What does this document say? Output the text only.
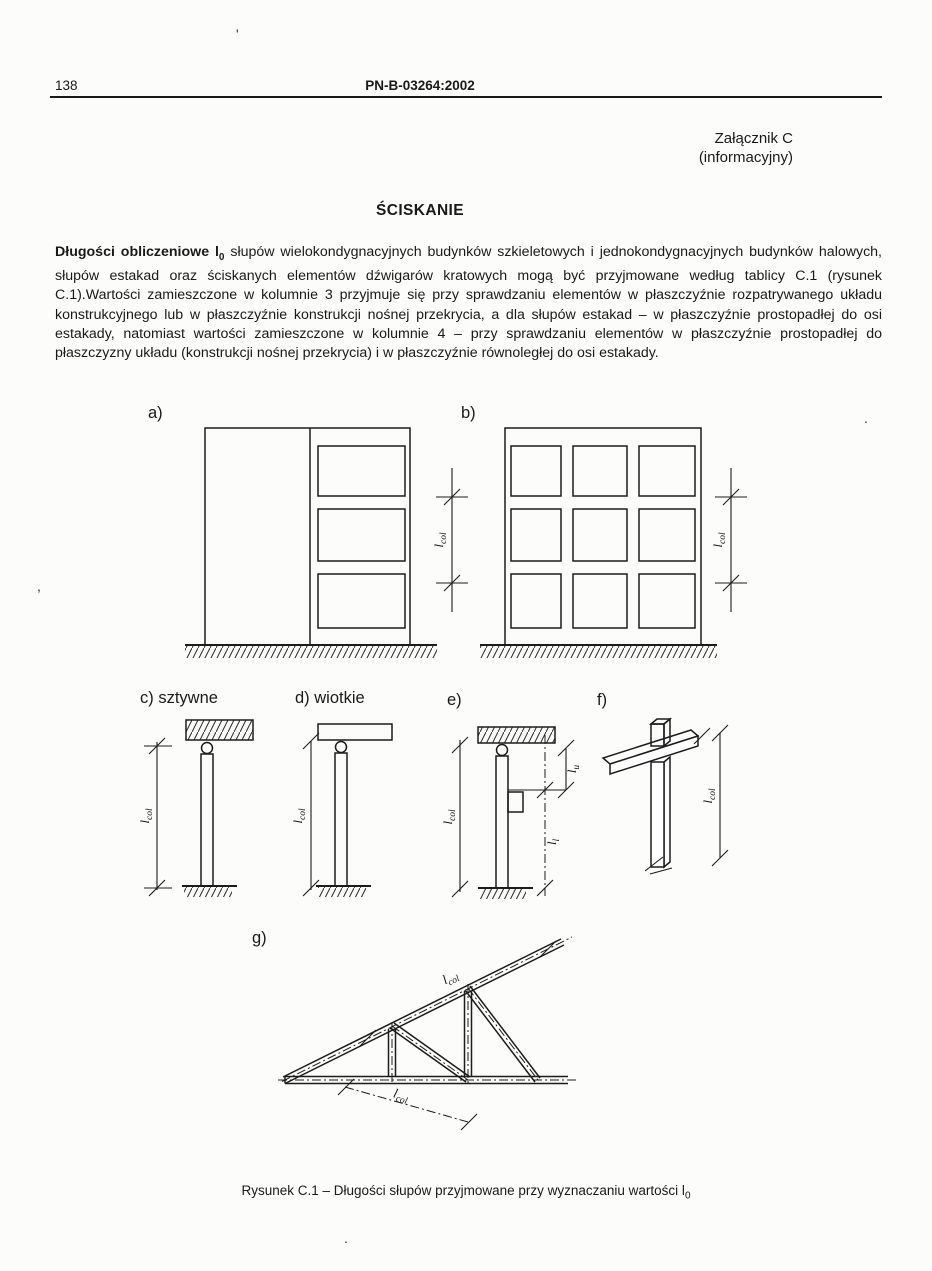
$l_{col}$
$l_{col}$
$l_{col}$
$l_{col}$
$l_u$
$l_l$
$l_{col}$
$l_{col}$
$l_{col}$
$l_{col}$
138	PN-B-03264:2002
Załącznik C
(informacyjny)
ŚCISKANIE

Długości obliczeniowe $l_0$ słupów wielokondygnacyjnych budynków szkieletowych i jednokondygnacyjnych budynków halowych, słupów estakad oraz ściskanych elementów dźwigarów kratowych mogą być przyjmowane według tablicy C.1 (rysunek C.1).Wartości zamieszczone w kolumnie 3 przyjmuje się przy sprawdzaniu elementów w płaszczyźnie rozpatrywanego układu konstrukcyjnego lub w płaszczyźnie konstrukcji nośnej przekrycia, a dla słupów estakad – w płaszczyźnie prostopadłej do osi estakady, natomiast wartości zamieszczone w kolumnie 4 – przy sprawdzaniu elementów w płaszczyźnie prostopadłej do płaszczyzny układu (konstrukcji nośnej przekrycia) i w płaszczyźnie równoległej do osi estakady.

a)	b)
c) sztywne	d) wiotkie	e)	f)
g)
Rysunek C.1 – Długości słupów przyjmowane przy wyznaczaniu wartości $l_0$
'
,
.
.
